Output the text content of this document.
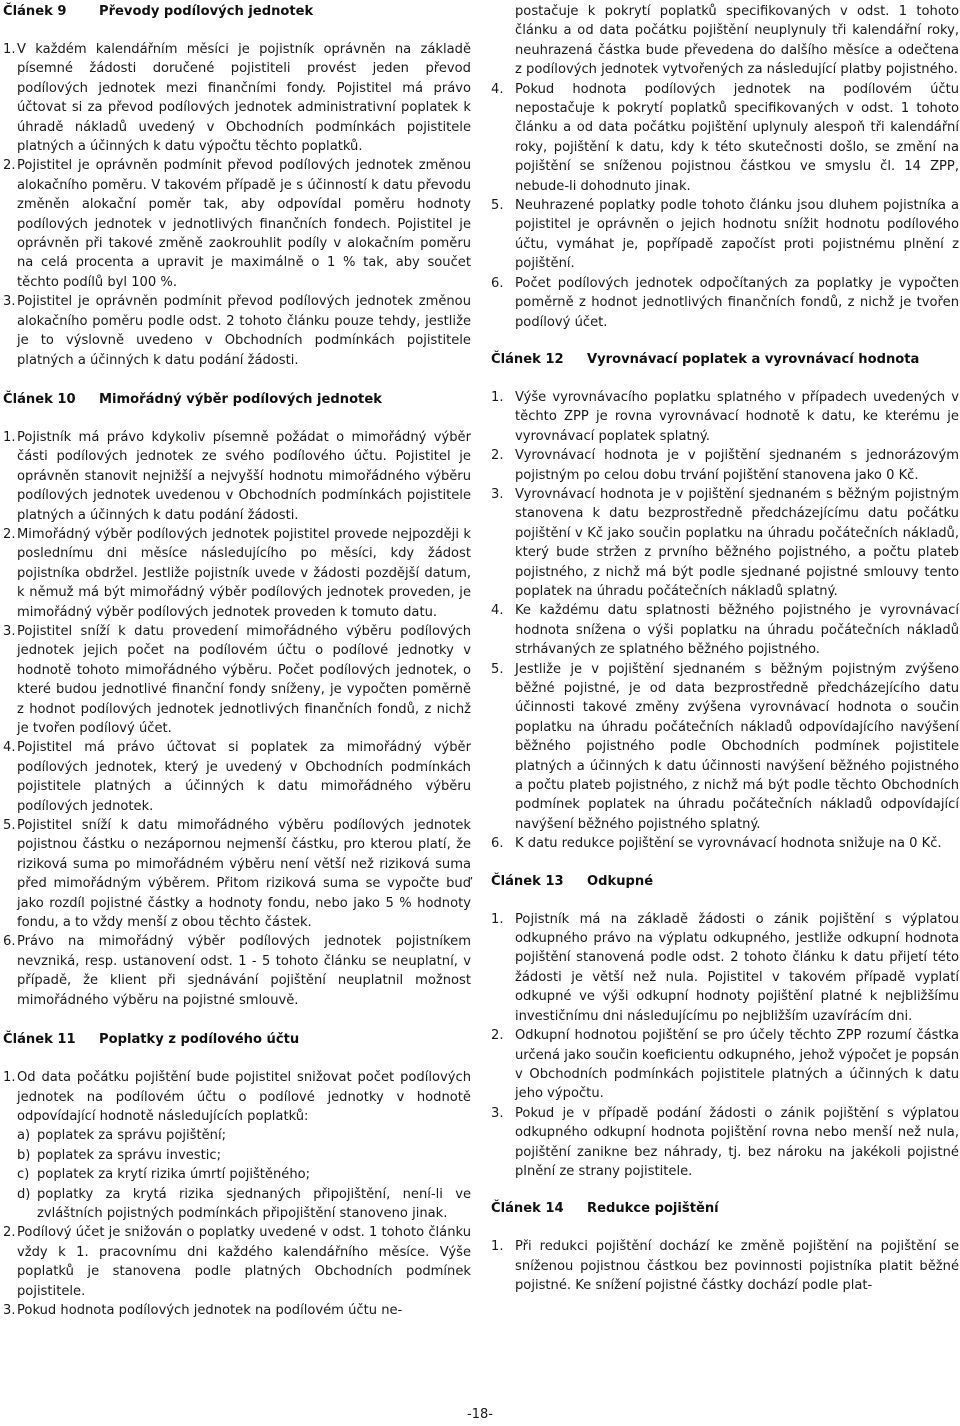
Článek 9	Převody podílových jednotek
1. V každém kalendářním měsíci je pojistník oprávněn na základě písemné žádosti doručené pojistiteli provést jeden převod podílových jednotek mezi finančními fondy. Pojistitel má právo účtovat si za převod podílových jednotek administrativní poplatek k úhradě nákladů uvedený v Obchodních podmínkách pojistitele platných a účinných k datu výpočtu těchto poplatků.
2. Pojistitel je oprávněn podmínit převod podílových jednotek změnou alokačního poměru. V takovém případě je s účinností k datu převodu změněn alokační poměr tak, aby odpovídal poměru hodnoty podílových jednotek v jednotlivých finančních fondech. Pojistitel je oprávněn při takové změně zaokrouhlit podíly v alokačním poměru na celá procenta a upravit je maximálně o 1 % tak, aby součet těchto podílů byl 100 %.
3. Pojistitel je oprávněn podmínit převod podílových jednotek změnou alokačního poměru podle odst. 2 tohoto článku pouze tehdy, jestliže je to výslovně uvedeno v Obchodních podmínkách pojistitele platných a účinných k datu podání žádosti.
Článek 10	Mimořádný výběr podílových jednotek
1. Pojistník má právo kdykoliv písemně požádat o mimořádný výběr části podílových jednotek ze svého podílového účtu. Pojistitel je oprávněn stanovit nejnižší a nejvyšší hodnotu mimořádného výběru podílových jednotek uvedenou v Obchodních podmínkách pojistitele platných a účinných k datu podání žádosti.
2. Mimořádný výběr podílových jednotek pojistitel provede nejpozději k poslednímu dni měsíce následujícího po měsíci, kdy žádost pojistníka obdržel. Jestliže pojistník uvede v žádosti pozdější datum, k němuž má být mimořádný výběr podílových jednotek proveden, je mimořádný výběr podílových jednotek proveden k tomuto datu.
3. Pojistitel sníží k datu provedení mimořádného výběru podílových jednotek jejich počet na podílovém účtu o podílové jednotky v hodnotě tohoto mimořádného výběru. Počet podílových jednotek, o které budou jednotlivé finanční fondy sníženy, je vypočten poměrně z hodnot podílových jednotek jednotlivých finančních fondů, z nichž je tvořen podílový účet.
4. Pojistitel má právo účtovat si poplatek za mimořádný výběr podílových jednotek, který je uvedený v Obchodních podmínkách pojistitele platných a účinných k datu mimořádného výběru podílových jednotek.
5. Pojistitel sníží k datu mimořádného výběru podílových jednotek pojistnou částku o nezápornou nejmenší částku, pro kterou platí, že riziková suma po mimořádném výběru není větší než riziková suma před mimořádným výběrem. Přitom riziková suma se vypočte buď jako rozdíl pojistné částky a hodnoty fondu, nebo jako 5 % hodnoty fondu, a to vždy menší z obou těchto částek.
6. Právo na mimořádný výběr podílových jednotek pojistníkem nevzniká, resp. ustanovení odst. 1 - 5 tohoto článku se neuplatní, v případě, že klient při sjednávání pojištění neuplatnil možnost mimořádného výběru na pojistné smlouvě.
Článek 11	Poplatky z podílového účtu
1. Od data počátku pojištění bude pojistitel snižovat počet podílových jednotek na podílovém účtu o podílové jednotky v hodnotě odpovídající hodnotě následujících poplatků:
a) poplatek za správu pojištění;
b) poplatek za správu investic;
c) poplatek za krytí rizika úmrtí pojištěného;
d) poplatky za krytá rizika sjednaných připojištění, není-li ve zvláštních pojistných podmínkách připojištění stanoveno jinak.
2. Podílový účet je snižován o poplatky uvedené v odst. 1 tohoto článku vždy k 1. pracovnímu dni každého kalendářního měsíce. Výše poplatků je stanovena podle platných Obchodních podmínek pojistitele.
3. Pokud hodnota podílových jednotek na podílovém účtu ne-
postačuje k pokrytí poplatků specifikovaných v odst. 1 tohoto článku a od data počátku pojištění neuplynuly tři kalendářní roky, neuhrazená částka bude převedena do dalšího měsíce a odečtena z podílových jednotek vytvořených za následující platby pojistného.
4. Pokud hodnota podílových jednotek na podílovém účtu nepostačuje k pokrytí poplatků specifikovaných v odst. 1 tohoto článku a od data počátku pojištění uplynuly alespoň tři kalendářní roky, pojištění k datu, kdy k této skutečnosti došlo, se změní na pojištění se sníženou pojistnou částkou ve smyslu čl. 14 ZPP, nebude-li dohodnuto jinak.
5. Neuhrazené poplatky podle tohoto článku jsou dluhem pojistníka a pojistitel je oprávněn o jejich hodnotu snížit hodnotu podílového účtu, vymáhat je, popřípadě započíst proti pojistnému plnění z pojištění.
6. Počet podílových jednotek odpočítaných za poplatky je vypočten poměrně z hodnot jednotlivých finančních fondů, z nichž je tvořen podílový účet.
Článek 12	Vyrovnávací poplatek a vyrovnávací hodnota
1. Výše vyrovnávacího poplatku splatného v případech uvedených v těchto ZPP je rovna vyrovnávací hodnotě k datu, ke kterému je vyrovnávací poplatek splatný.
2. Vyrovnávací hodnota je v pojištění sjednaném s jednorázovým pojistným po celou dobu trvání pojištění stanovena jako 0 Kč.
3. Vyrovnávací hodnota je v pojištění sjednaném s běžným pojistným stanovena k datu bezprostředně předcházejícímu datu počátku pojištění v Kč jako součin poplatku na úhradu počátečních nákladů, který bude stržen z prvního běžného pojistného, a počtu plateb pojistného, z nichž má být podle sjednané pojistné smlouvy tento poplatek na úhradu počátečních nákladů splatný.
4. Ke každému datu splatnosti běžného pojistného je vyrovnávací hodnota snížena o výši poplatku na úhradu počátečních nákladů strhávaných ze splatného běžného pojistného.
5. Jestliže je v pojištění sjednaném s běžným pojistným zvýšeno běžné pojistné, je od data bezprostředně předcházejícího datu účinnosti takové změny zvýšena vyrovnávací hodnota o součin poplatku na úhradu počátečních nákladů odpovídajícího navýšení běžného pojistného podle Obchodních podmínek pojistitele platných a účinných k datu účinnosti navýšení běžného pojistného a počtu plateb pojistného, z nichž má být podle těchto Obchodních podmínek poplatek na úhradu počátečních nákladů odpovídající navýšení běžného pojistného splatný.
6. K datu redukce pojištění se vyrovnávací hodnota snižuje na 0 Kč.
Článek 13	Odkupné
1. Pojistník má na základě žádosti o zánik pojištění s výplatou odkupného právo na výplatu odkupného, jestliže odkupní hodnota pojištění stanovená podle odst. 2 tohoto článku k datu přijetí této žádosti je větší než nula. Pojistitel v takovém případě vyplatí odkupné ve výši odkupní hodnoty pojištění platné k nejbližšímu investičnímu dni následujícímu po nejbližším uzavírácím dni.
2. Odkupní hodnotou pojištění se pro účely těchto ZPP rozumí částka určená jako součin koeficientu odkupného, jehož výpočet je popsán v Obchodních podmínkách pojistitele platných a účinných k datu jeho výpočtu.
3. Pokud je v případě podání žádosti o zánik pojištění s výplatou odkupného odkupní hodnota pojištění rovna nebo menší než nula, pojištění zanikne bez náhrady, tj. bez nároku na jakékoli pojistné plnění ze strany pojistitele.
Článek 14	Redukce pojištění
1. Při redukci pojištění dochází ke změně pojištění na pojištění se sníženou pojistnou částkou bez povinnosti pojistníka platit běžné pojistné. Ke snížení pojistné částky dochází podle plat-
-18-
